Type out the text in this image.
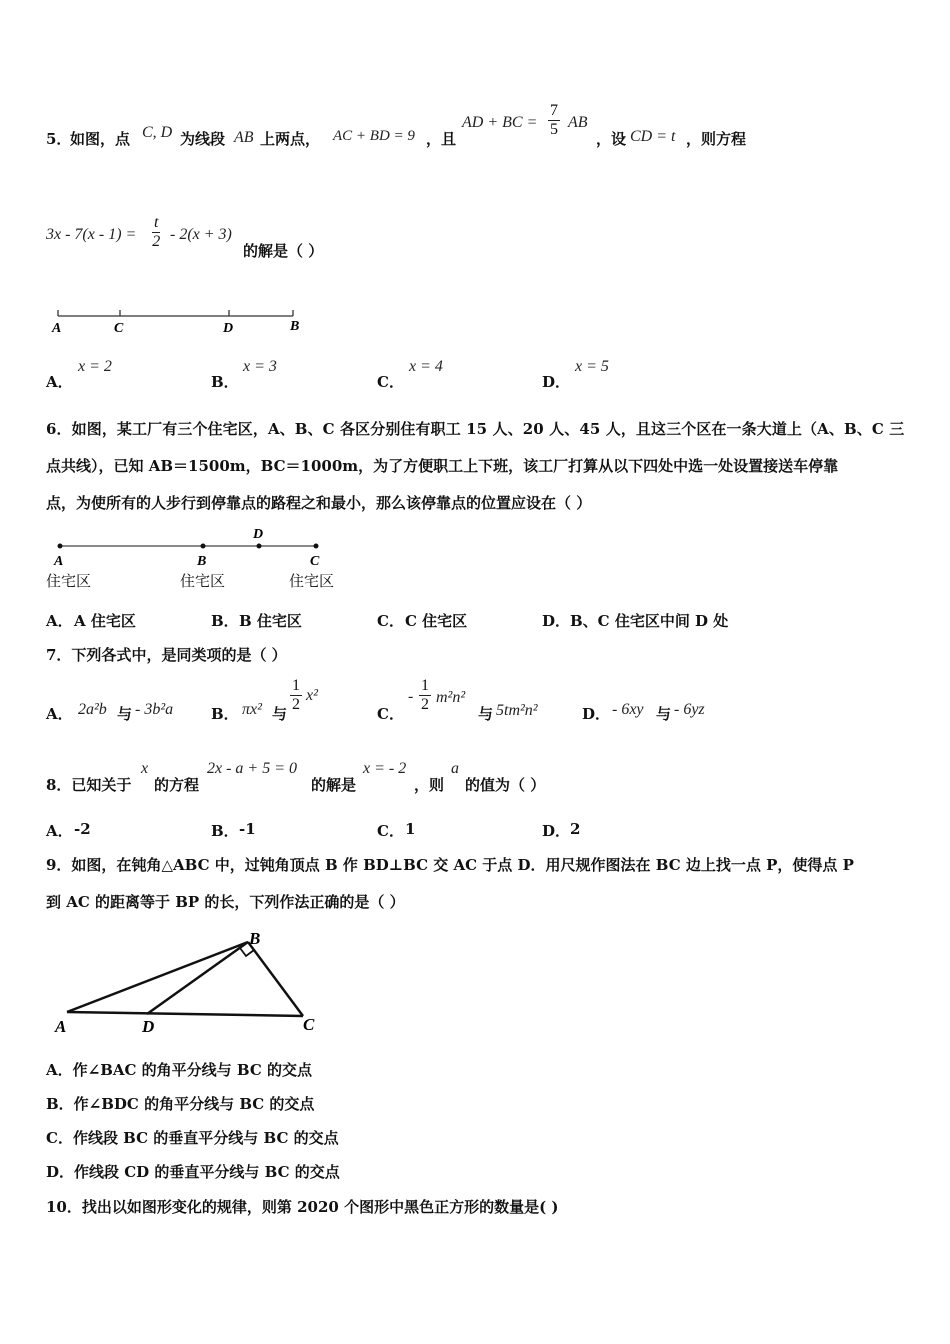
5．
如图，点 C, D 为线段 AB 上两点， AC + BD = 9 ，且
AD + BC = $\frac{7}{5}$ AB
，设 CD = t ，则方程
$3x - 7(x - 1) = \frac{t}{2} - 2(x + 3)$
的解是（ ）
A	C	D	B
A．
x = 2
B．
x = 3
C．
x = 4
D．
x = 5
6．如图，某工厂有三个住宅区，A、B、C 各区分别住有职工 15 人、20 人、45 人，且这三个区在一条大道上（A、B、C 三
点共线），已知 AB＝1500m，BC＝1000m，为了方便职工上下班，该工厂打算从以下四处中选一处设置接送车停靠
点，为使所有的人步行到停靠点的路程之和最小，那么该停靠点的位置应设在（ ）
A	B
D
C
住宅区	住宅区	住宅区
A． A 住宅区	B． B 住宅区	C． C 住宅区	D． B、C 住宅区中间 D 处
7．下列各式中，是同类项的是（ ）
A． 2a²b 与 - 3b²a	B． πx² 与 $\frac{1}{2} x^2$
C．
- $\frac{1}{2} m^2n^2$
与 5tm²n²	D． - 6xy 与 - 6yz
8．已知关于
x
的方程
2x - a + 5 = 0
的解是
x = - 2
，则
a
的值为（ ）
A． -2	B． -1	C． 1	D． 2
9．如图，在钝角△ABC 中，过钝角顶点 B 作 BD⊥BC 交 AC 于点 D．用尺规作图法在 BC 边上找一点 P，使得点 P
到 AC 的距离等于 BP 的长，下列作法正确的是（ ）
A
B
C
D
A．作∠BAC 的角平分线与 BC 的交点
B．作∠BDC 的角平分线与 BC 的交点
C．作线段 BC 的垂直平分线与 BC 的交点
D．作线段 CD 的垂直平分线与 BC 的交点
10．找出以如图形变化的规律，则第 2020 个图形中黑色正方形的数量是( )
